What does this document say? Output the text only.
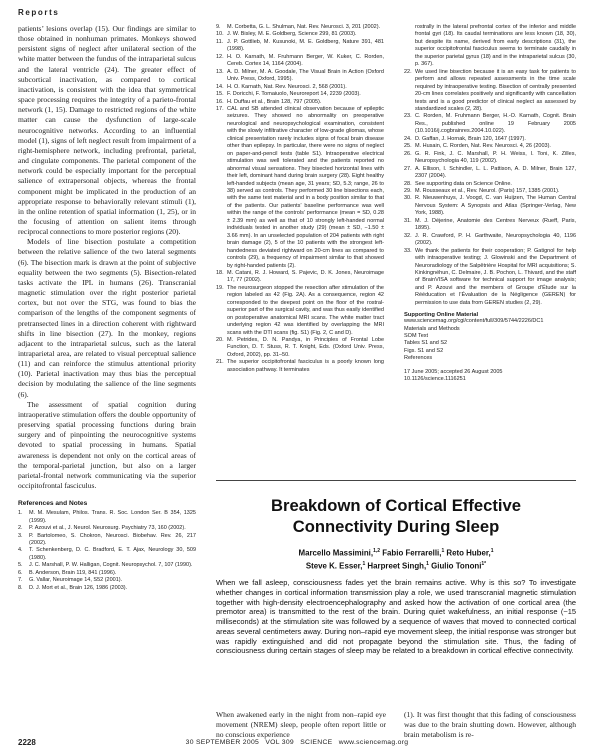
Reports

patients’ lesions overlap (15). Our findings are similar to those obtained in nonhuman primates. Monkeys showed persistent signs of neglect after unilateral section of the white matter between the fundus of the intraparietal sulcus and the lateral ventricle (24). The greater effect of subcortical inactivation, as compared to cortical inactivation, is consistent with the idea that symmetrical space processing requires the integrity of a parieto-frontal network (1, 15). Damage to restricted regions of the white matter can cause the dysfunction of large-scale neurocognitive networks. According to an influential model (1), signs of left neglect result from impairment of a right-hemisphere network, including prefrontal, parietal, and cingulate components. The parietal component of the network could be especially important for the perceptual salience of extrapersonal objects, whereas the frontal component might be implicated in the production of an appropriate response to behaviorally relevant stimuli (1), in the online retention of spatial information (1, 25), or in the focusing of attention on salient items through reciprocal connections to more posterior regions (20).

Models of line bisection postulate a competition between the relative salience of the two lateral segments (6). The bisection mark is drawn at the point of subjective equality between the two segments (5). Bisection-related tasks activate the IPL in humans (26). Transcranial magnetic stimulation over the right posterior parietal cortex, but not over the STG, was found to bias the comparison of the lengths of the component segments of pretransected lines in a direction coherent with rightward shifts in line bisection (27). In the monkey, regions adjacent to the intraparietal sulcus, such as the lateral intraparietal area, are related to visual perceptual salience (11) and can reinforce the stimulus attentional priority (10). Parietal inactivation may thus bias the perceptual decision by modulating the salience of the line segments (6).

The assessment of spatial cognition during intraoperative stimulation offers the double opportunity of preserving spatial processing functions during brain surgery and of pinpointing the neurocognitive systems devoted to spatial processing in humans. Spatial awareness is dependent not only on the cortical areas of the temporal-parietal junction, but also on a larger parietal-frontal network communicating via the superior occipitofrontal fasciculus.

References and Notes
1. M. M. Mesulam, Philos. Trans. R. Soc. London Ser. B 354, 1325 (1999).
2. P. Azouvi et al., J. Neurol. Neurosurg. Psychiatry 73, 160 (2002).
3. P. Bartolomeo, S. Chokron, Neurosci. Biobehav. Rev. 26, 217 (2002).
4. T. Schenkenberg, D. C. Bradford, E. T. Ajax, Neurology 30, 509 (1980).
5. J. C. Marshall, P. W. Halligan, Cognit. Neuropsychol. 7, 107 (1990).
6. B. Anderson, Brain 119, 841 (1996).
7. G. Vallar, Neuroimage 14, S52 (2001).
8. D. J. Mort et al., Brain 126, 1986 (2003).
9. M. Corbetta, G. L. Shulman, Nat. Rev. Neurosci. 3, 201 (2002).
10. J. W. Bisley, M. E. Goldberg, Science 299, 81 (2003).
11. J. P. Gottlieb, M. Kusunoki, M. E. Goldberg, Nature 391, 481 (1998).
12. H. O. Karnath, M. Fruhmann Berger, W. Kuker, C. Rorden, Cereb. Cortex 14, 1164 (2004).
13. A. D. Milner, M. A. Goodale, The Visual Brain in Action (Oxford Univ. Press, Oxford, 1995).
14. H. O. Karnath, Nat. Rev. Neurosci. 2, 568 (2001).
15. F. Doricchi, F. Tomaiuolo, Neuroreport 14, 2239 (2003).
16. H. Duffau et al., Brain 128, 797 (2005).
17. CAL and SB attended clinical observation because of epileptic seizures. They showed no abnormality on preoperative neurological and neuropsychological examination, consistent with the slowly infiltrative character of low-grade gliomas, whose clinical presentation rarely includes signs of focal brain disease other than epilepsy. In particular, there were no signs of neglect on paper-and-pencil tests (table S1). Intraoperative electrical stimulation was well tolerated and the patients reported no abnormal visual sensations. They bisected horizontal lines with their left, dominant hand during brain surgery (28). Eight healthy left-handed subjects (mean age, 31 years; SD, 5.3; range, 26 to 38) served as controls. They performed 30 line bisections each, with the same test material and in a body position similar to that of the patients. Our patients’ baseline performance was well within the range of the controls’ performance (mean = SD, 0.28 ± 2.39 mm) as well as that of 10 strongly left-handed normal individuals tested in another study (29) (mean ± SD, −1.50 ± 3.66 mm). In an unselected population of 204 patients with right brain damage (2), 5 of the 10 patients with the strongest left-handedness deviated rightward on 20-cm lines as compared to controls (29), a frequency of impairment similar to that showed by right-handed patients (2).
18. M. Catani, R. J. Howard, S. Pajevic, D. K. Jones, Neuroimage 17, 77 (2002).
19. The neurosurgeon stopped the resection after stimulation of the region labeled as 42 (Fig. 2A). As a consequence, region 42 corresponded to the deepest point on the floor of the rostral-superior part of the surgical cavity, and was thus easily identified on postoperative anatomical MRI scans. The white matter tract underlying region 42 was identified by overlapping the MRI scans with the DTI scans (fig. S1) (Fig. 2, C and D).
20. M. Petrides, D. N. Pandya, in Principles of Frontal Lobe Function, D. T. Stuss, R. T. Knight, Eds. (Oxford Univ. Press, Oxford, 2002), pp. 31–50.
21. The superior occipitofrontal fasciculus is a poorly known long association pathway. It terminates
rostrally in the lateral prefrontal cortex of the inferior and middle frontal gyri (18). Its caudal terminations are less known (18, 30), but despite its name, derived from early descriptions (31), the superior occipitofrontal fasciculus seems to terminate caudally in the superior parietal gyrus (18) and in the intraparietal sulcus (30, p. 367).
22. We used line bisection because it is an easy task for patients to perform and allows repeated assessments in the time scale required by intraoperative testing. Bisection of centrally presented 20-cm lines correlates positively and significantly with cancellation tests and is a good predictor of clinical neglect as assessed by standardized scales (2, 28).
23. C. Rorden, M. Fruhmann Berger, H.-O. Karnath, Cognit. Brain Res., published online 19 February 2005 (10.1016/j.cogbrainres.2004.10.022).
24. D. Gaffan, J. Hornak, Brain 120, 1647 (1997).
25. M. Husain, C. Rorden, Nat. Rev. Neurosci. 4, 26 (2003).
26. G. R. Fink, J. C. Marshall, P. H. Weiss, I. Toni, K. Zilles, Neuropsychologia 40, 119 (2002).
27. A. Ellison, I. Schindler, L. L. Pattison, A. D. Milner, Brain 127, 2307 (2004).
28. See supporting data on Science Online.
29. M. Rousseaux et al., Rev. Neurol. (Paris) 157, 1385 (2001).
30. R. Nieuwenhuys, J. Voogd, C. van Huijzen, The Human Central Nervous System: A Synopsis and Atlas (Springer-Verlag, New York, 1988).
31. M. J. Déjerine, Anatomie des Centres Nerveux (Rueff, Paris, 1895).
32. J. R. Crawford, P. H. Garthwaite, Neuropsychologia 40, 1196 (2002).
33. We thank the patients for their cooperation; P. Gatignol for help with intraoperative testing; J. Glowinski and the Department of Neuroradiology of the Salpêtrière Hospital for MRI acquisitions; S. Kinkingnéhun, C. Delmaire, J. B. Pochon, L. Thivard, and the staff of BrainVISA software for technical support for image analysis; and P. Azouvi and the members of Groupe d’Étude sur la Rééducation et l’Évaluation de la Négligence (GEREN) for permission to use data from GEREN studies (2, 29).
Supporting Online Material
www.sciencemag.org/cgi/content/full/309/5744/2226/DC1
Materials and Methods
SOM Text
Tables S1 and S2
Figs. S1 and S2
References
17 June 2005; accepted 26 August 2005
10.1126/science.1116251
Breakdown of Cortical Effective
Connectivity During Sleep
Marcello Massimini,$^{1,2}$ Fabio Ferrarelli,$^1$ Reto Huber,$^1$
Steve K. Esser,$^1$ Harpreet Singh,$^1$ Giulio Tononi$^{1*}$
When we fall asleep, consciousness fades yet the brain remains active. Why is this so? To investigate whether changes in cortical information transmission play a role, we used transcranial magnetic stimulation together with high-density electroencephalography and asked how the activation of one cortical area (the premotor area) is transmitted to the rest of the brain. During quiet wakefulness, an initial response (~15 milliseconds) at the stimulation site was followed by a sequence of waves that moved to connected cortical areas several centimeters away. During non–rapid eye movement sleep, the initial response was stronger but was rapidly extinguished and did not propagate beyond the stimulation site. Thus, the fading of consciousness during certain stages of sleep may be related to a breakdown in cortical effective connectivity.

When awakened early in the night from non–rapid eye movement (NREM) sleep, people often report little or no conscious experience

(1). It was first thought that this fading of consciousness was due to the brain shutting down. However, although brain metabolism is re-

2228	30 SEPTEMBER 2005 VOL 309 SCIENCE www.sciencemag.org
